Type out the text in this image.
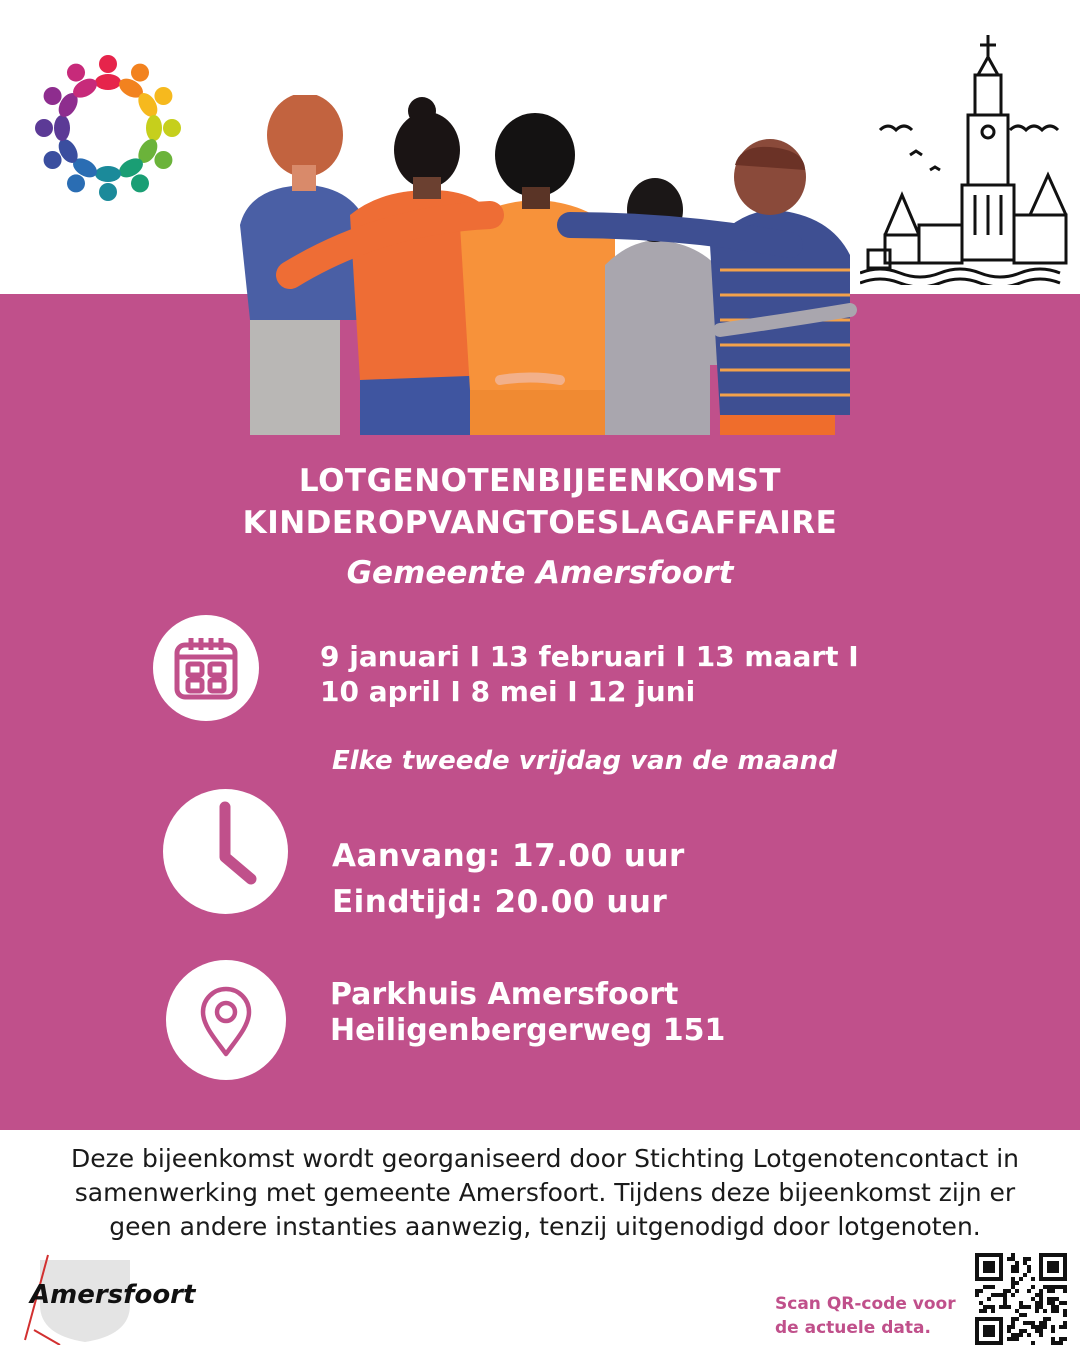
LOTGENOTENBIJEENKOMST
KINDEROPVANGTOESLAGAFFAIRE
Gemeente Amersfoort
9 januari I 13 februari I 13 maart I
10 april I 8 mei I 12 juni
Elke tweede vrijdag van de maand
Aanvang: 17.00 uur
Eindtijd: 20.00 uur
Parkhuis Amersfoort
Heiligenbergerweg 151
Deze bijeenkomst wordt georganiseerd door Stichting Lotgenotencontact in
samenwerking met gemeente Amersfoort. Tijdens deze bijeenkomst zijn er
geen andere instanties aanwezig, tenzij uitgenodigd door lotgenoten.
Amersfoort	Scan QR-code voor
de actuele data.
